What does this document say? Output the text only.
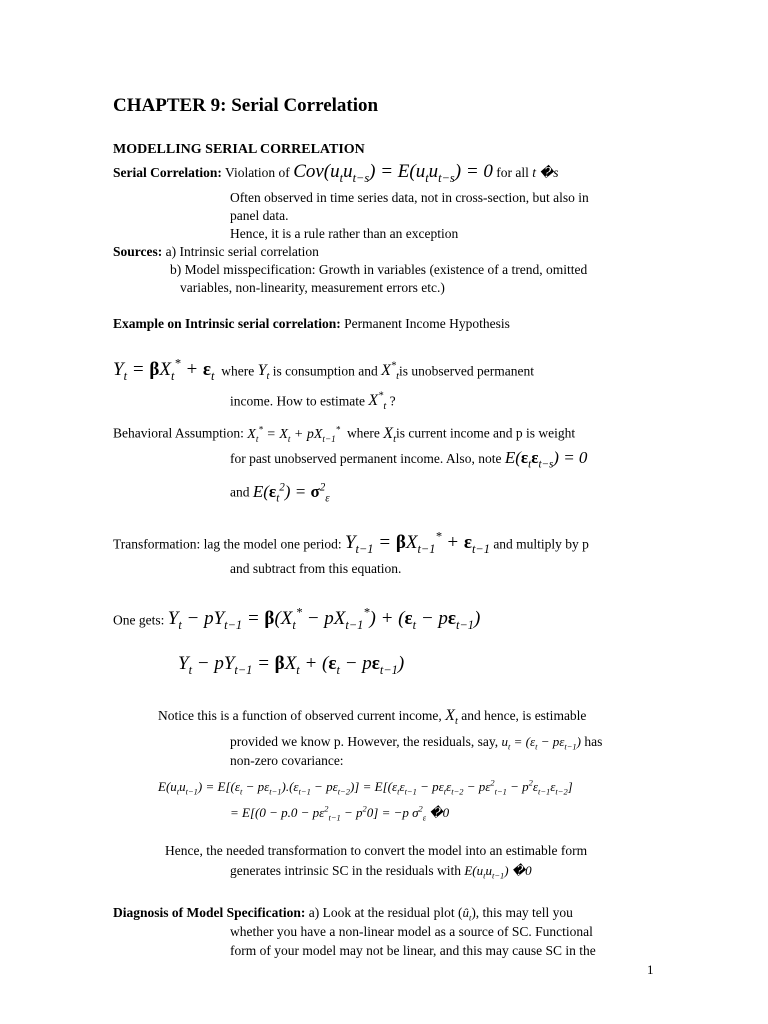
CHAPTER 9: Serial Correlation
MODELLING SERIAL CORRELATION
Serial Correlation: Violation of $Cov(u_tu_{t-s}) = E(u_tu_{t-s}) = 0$ for all t �s
Often observed in time series data, not in cross-section, but also in
panel data.
Hence, it is a rule rather than an exception
Sources: a) Intrinsic serial correlation
b) Model misspecification: Growth in variables (existence of a trend, omitted
variables, non-linearity, measurement errors etc.)
Example on Intrinsic serial correlation: Permanent Income Hypothesis
$Y_t = \beta X_t^* + \varepsilon_t$ where $Y_t$ is consumption and $X^*_tis$ unobserved permanent
income. How to estimate $X^*_t$ ?
Behavioral Assumption: $X_t^* = X_t + pX_{t-1}^*$ where $X_tis$ current income and p is weight
for past unobserved permanent income. Also, note $E(\varepsilon_t\varepsilon_{t-s}) = 0$
and $E(\varepsilon_t^2) = \sigma^2_\varepsilon$
Transformation: lag the model one period: $Y_{t-1} = \beta X_{t-1}^* + \varepsilon_{t-1}$ and multiply by p
and subtract from this equation.
One gets: $Y_t - pY_{t-1} = \beta(X_t^* - pX_{t-1}^*) + (\varepsilon_t - p\varepsilon_{t-1})$
$Y_t - pY_{t-1} = \beta X_t + (\varepsilon_t - p\varepsilon_{t-1})$
Notice this is a function of observed current income, $X_t$ and hence, is estimable
provided we know p. However, the residuals, say, $u_t = (\varepsilon_t - p\varepsilon_{t-1})$ has
non-zero covariance:
$E(u_tu_{t-1}) = E[(\varepsilon_t - p\varepsilon_{t-1}).(\varepsilon_{t-1} - p\varepsilon_{t-2})] = E[(\varepsilon_t\varepsilon_{t-1} - p\varepsilon_t\varepsilon_{t-2} - p\varepsilon^2_{t-1} - p^2\varepsilon_{t-1}\varepsilon_{t-2}]$
= $E[(0 - p.0 - p\varepsilon^2_{t-1} - p^20] = -p$ $\sigma^2_\varepsilon$ �0
Hence, the needed transformation to convert the model into an estimable form
generates intrinsic SC in the residuals with $E(u_tu_{t-1})$ �0
Diagnosis of Model Specification: a) Look at the residual plot $(û_t)$, this may tell you
whether you have a non-linear model as a source of SC. Functional
form of your model may not be linear, and this may cause SC in the
1
